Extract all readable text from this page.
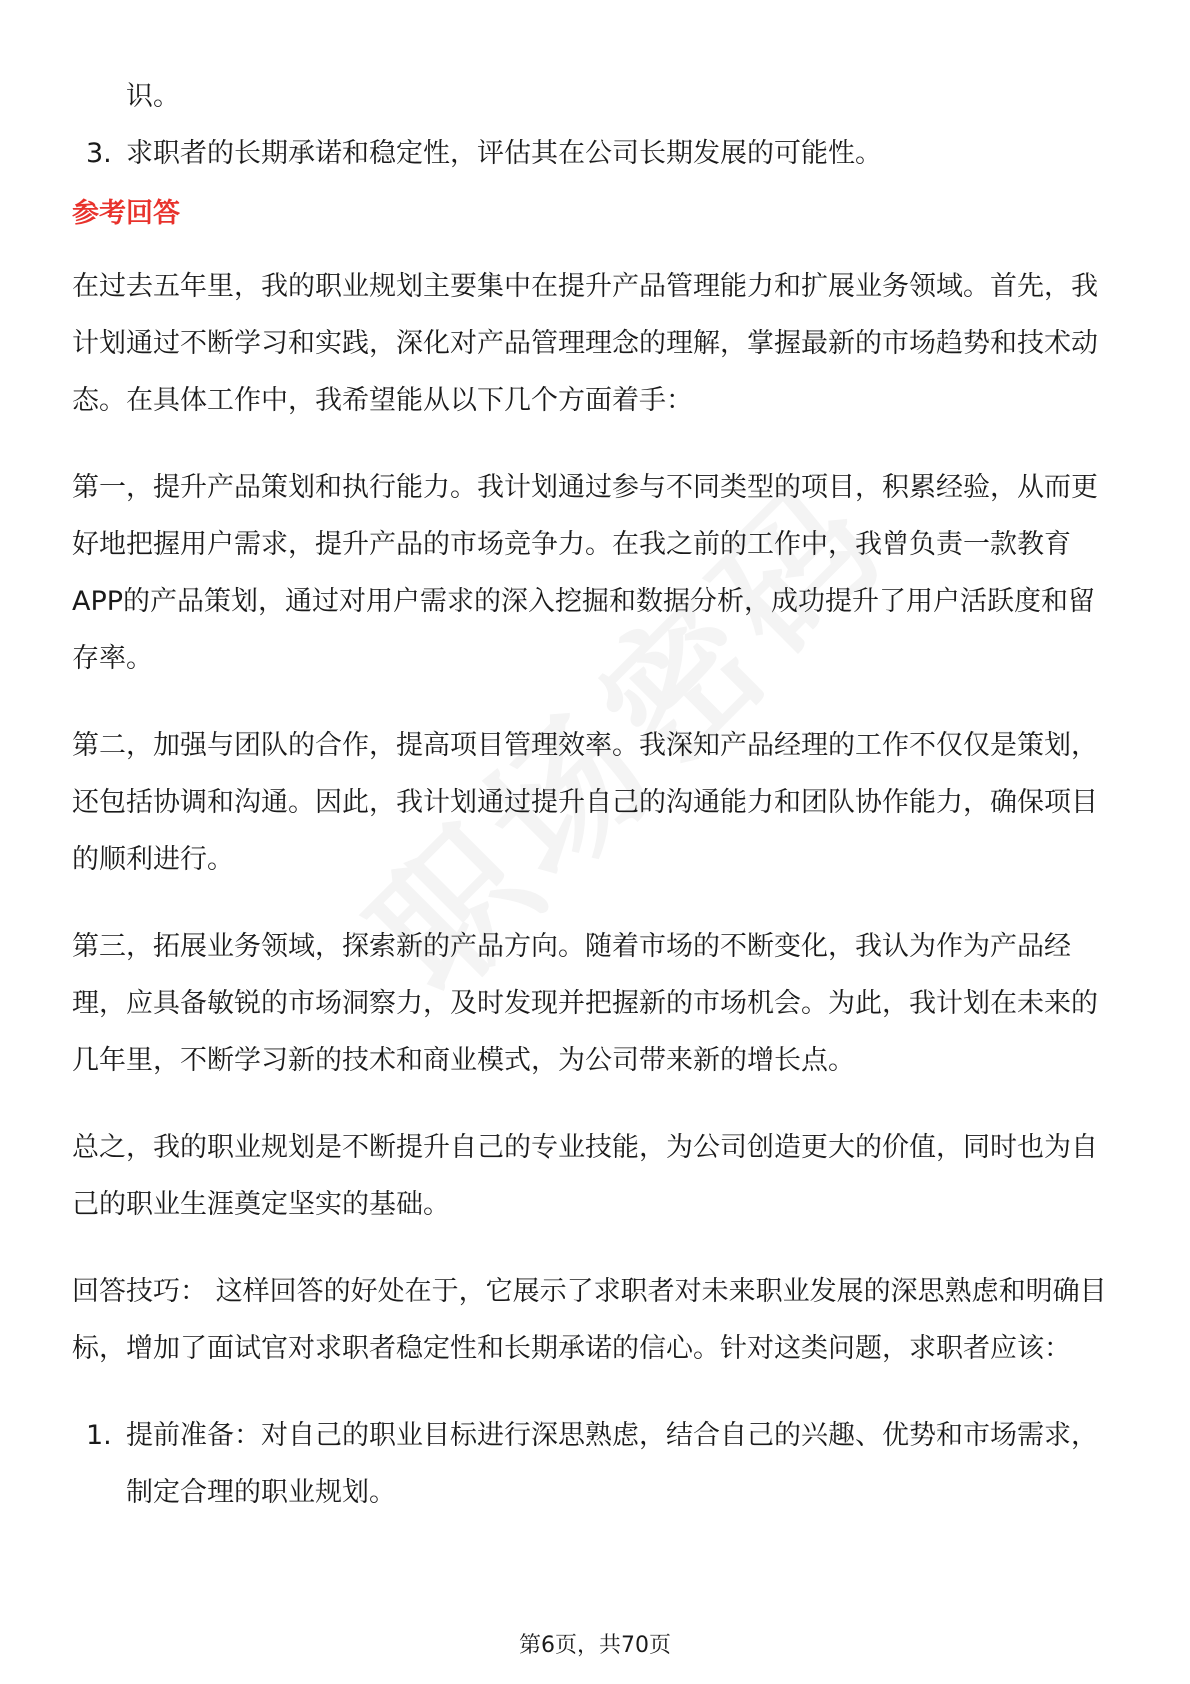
识。
3. 求职者的长期承诺和稳定性，评估其在公司长期发展的可能性。
参考回答

在过去五年里，我的职业规划主要集中在提升产品管理能力和扩展业务领域。首先，我计划通过不断学习和实践，深化对产品管理理念的理解，掌握最新的市场趋势和技术动态。在具体工作中，我希望能从以下几个方面着手：

第一，提升产品策划和执行能力。我计划通过参与不同类型的项目，积累经验，从而更好地把握用户需求，提升产品的市场竞争力。在我之前的工作中，我曾负责一款教育APP的产品策划，通过对用户需求的深入挖掘和数据分析，成功提升了用户活跃度和留存率。

第二，加强与团队的合作，提高项目管理效率。我深知产品经理的工作不仅仅是策划，还包括协调和沟通。因此，我计划通过提升自己的沟通能力和团队协作能力，确保项目的顺利进行。

第三，拓展业务领域，探索新的产品方向。随着市场的不断变化，我认为作为产品经理，应具备敏锐的市场洞察力，及时发现并把握新的市场机会。为此，我计划在未来的几年里，不断学习新的技术和商业模式，为公司带来新的增长点。

总之，我的职业规划是不断提升自己的专业技能，为公司创造更大的价值，同时也为自己的职业生涯奠定坚实的基础。

回答技巧： 这样回答的好处在于，它展示了求职者对未来职业发展的深思熟虑和明确目标，增加了面试官对求职者稳定性和长期承诺的信心。针对这类问题，求职者应该：

1. 提前准备：对自己的职业目标进行深思熟虑，结合自己的兴趣、优势和市场需求，制定合理的职业规划。
第6页，共70页
